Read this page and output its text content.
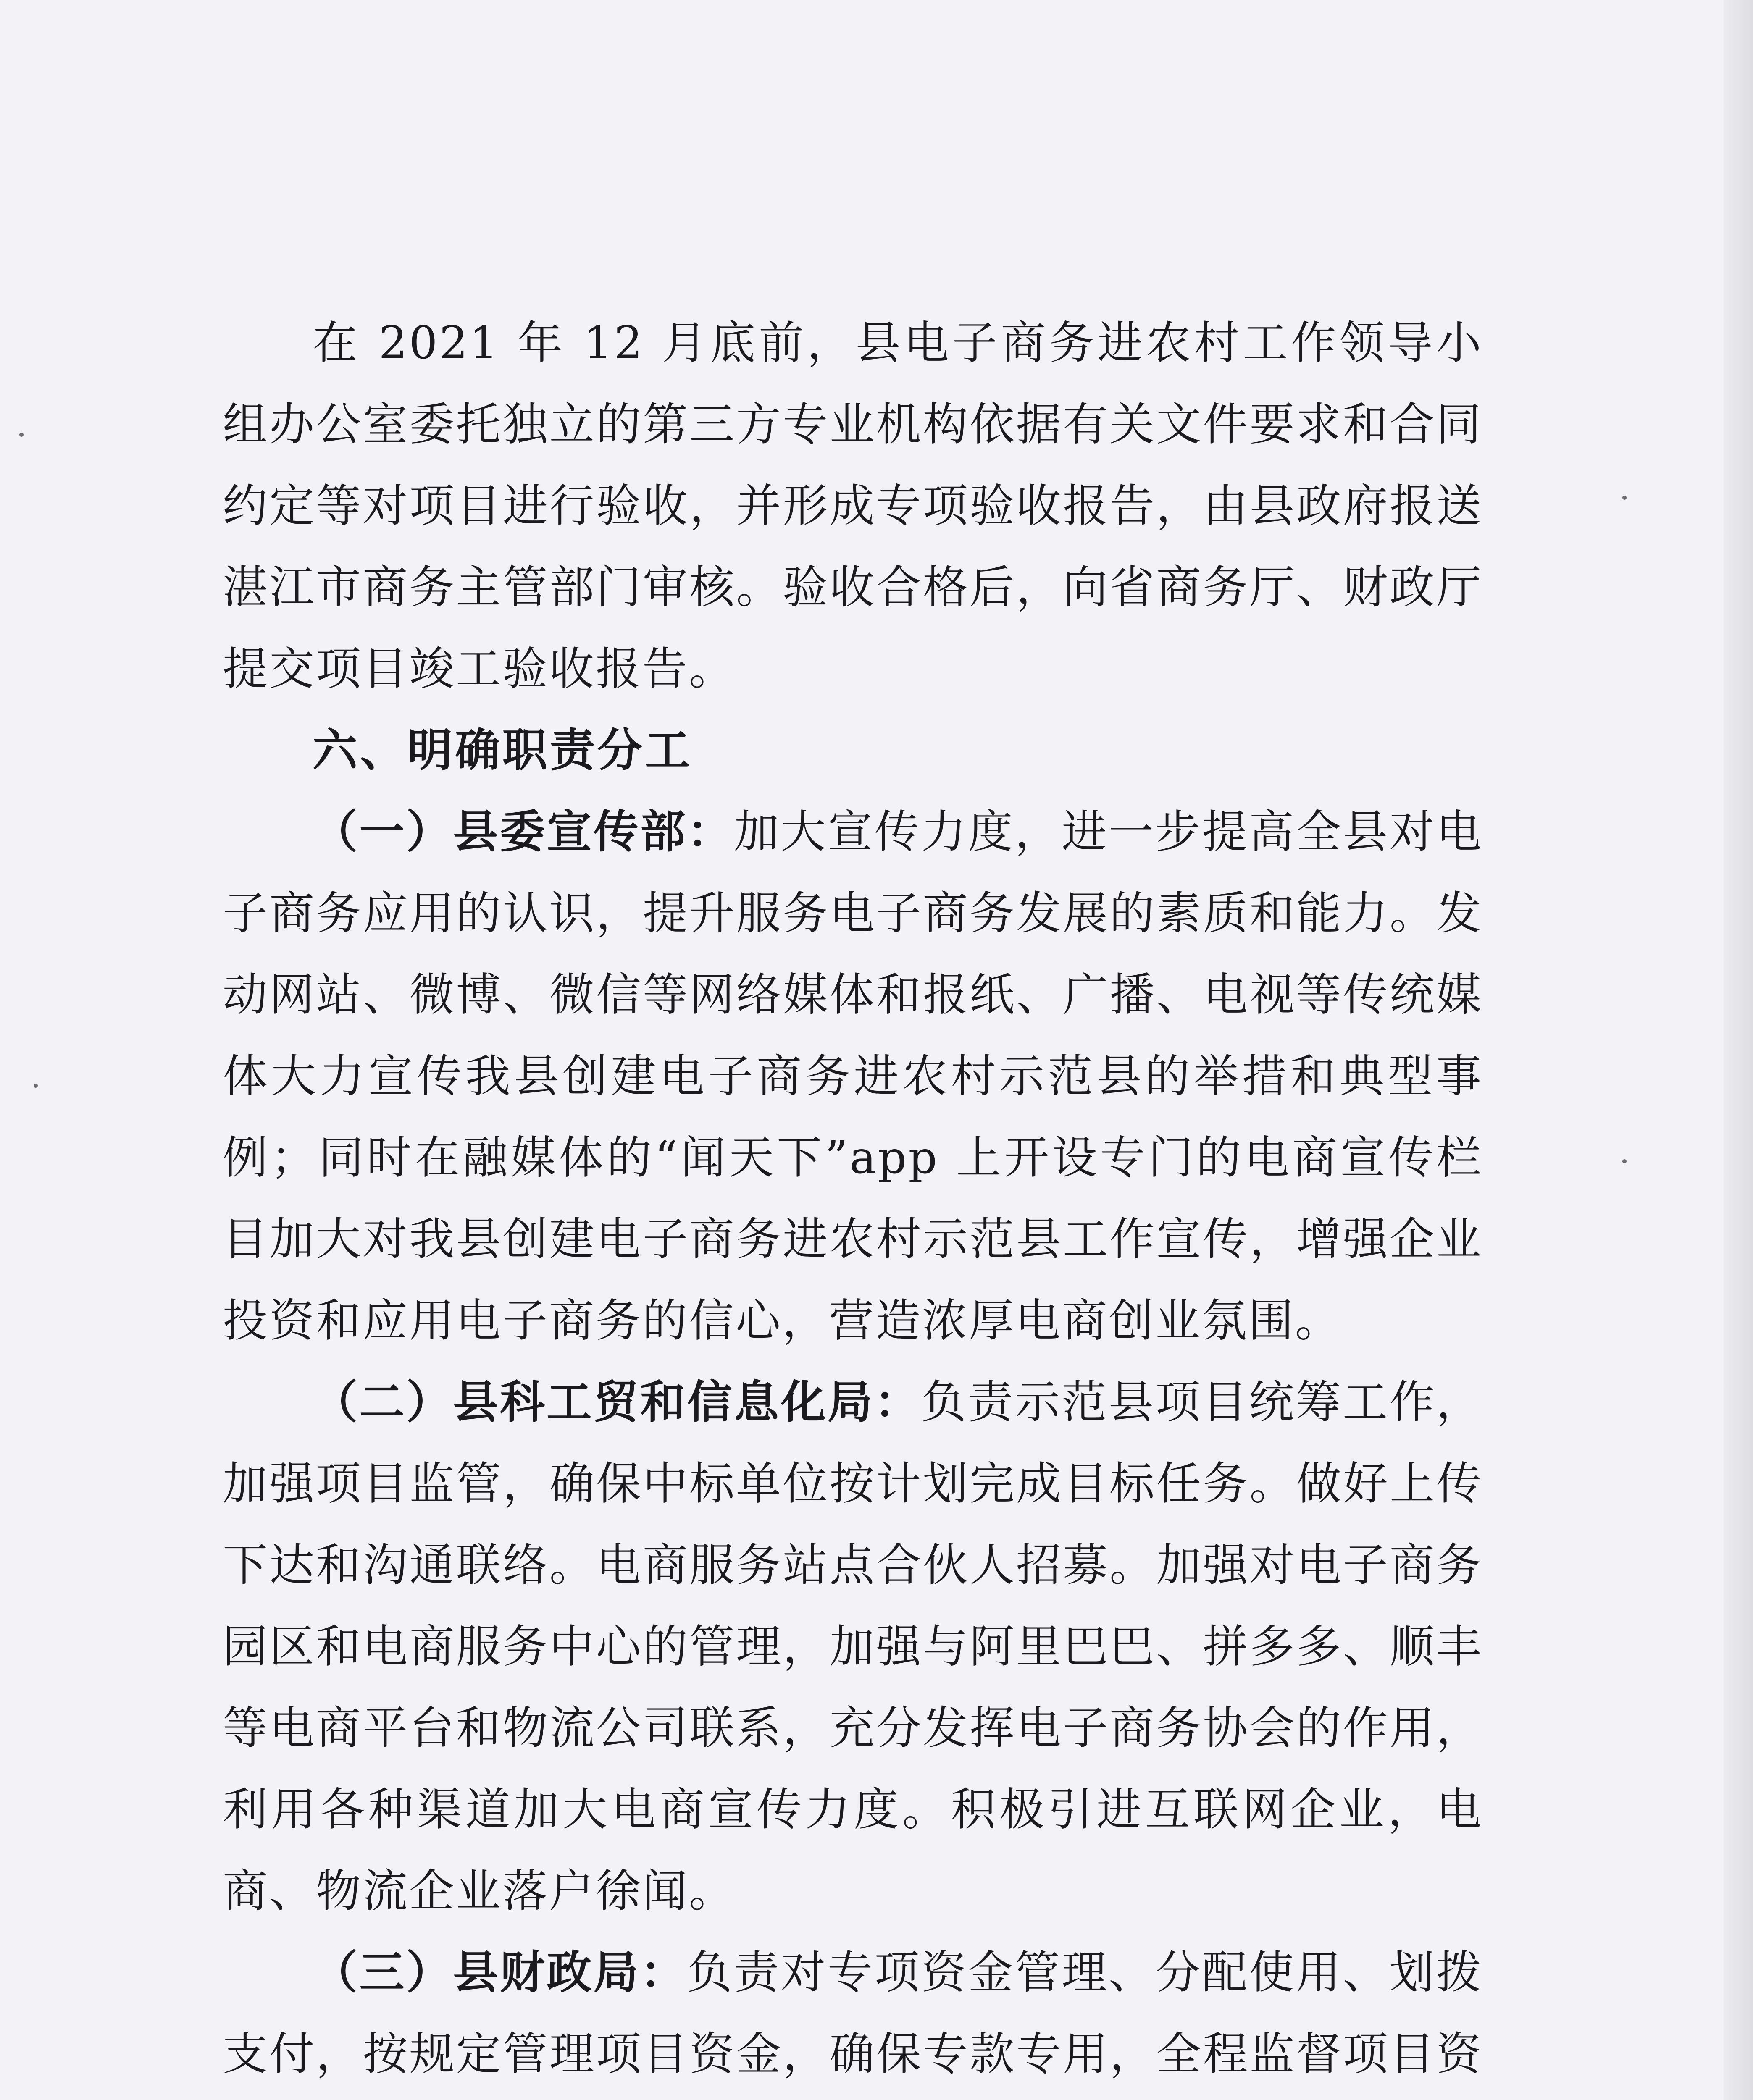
在 2021 年 12 月底前，县电子商务进农村工作领导小组办公室委托独立的第三方专业机构依据有关文件要求和合同约定等对项目进行验收，并形成专项验收报告，由县政府报送湛江市商务主管部门审核。验收合格后，向省商务厅、财政厅提交项目竣工验收报告。

六、明确职责分工

（一）县委宣传部：加大宣传力度，进一步提高全县对电子商务应用的认识，提升服务电子商务发展的素质和能力。发动网站、微博、微信等网络媒体和报纸、广播、电视等传统媒体大力宣传我县创建电子商务进农村示范县的举措和典型事例；同时在融媒体的“闻天下”app 上开设专门的电商宣传栏目加大对我县创建电子商务进农村示范县工作宣传，增强企业投资和应用电子商务的信心，营造浓厚电商创业氛围。

（二）县科工贸和信息化局：负责示范县项目统筹工作，加强项目监管，确保中标单位按计划完成目标任务。做好上传下达和沟通联络。电商服务站点合伙人招募。加强对电子商务园区和电商服务中心的管理，加强与阿里巴巴、拼多多、顺丰等电商平台和物流公司联系，充分发挥电子商务协会的作用，利用各种渠道加大电商宣传力度。积极引进互联网企业，电商、物流企业落户徐闻。

（三）县财政局：负责对专项资金管理、分配使用、划拨支付，按规定管理项目资金，确保专款专用，全程监督项目资
